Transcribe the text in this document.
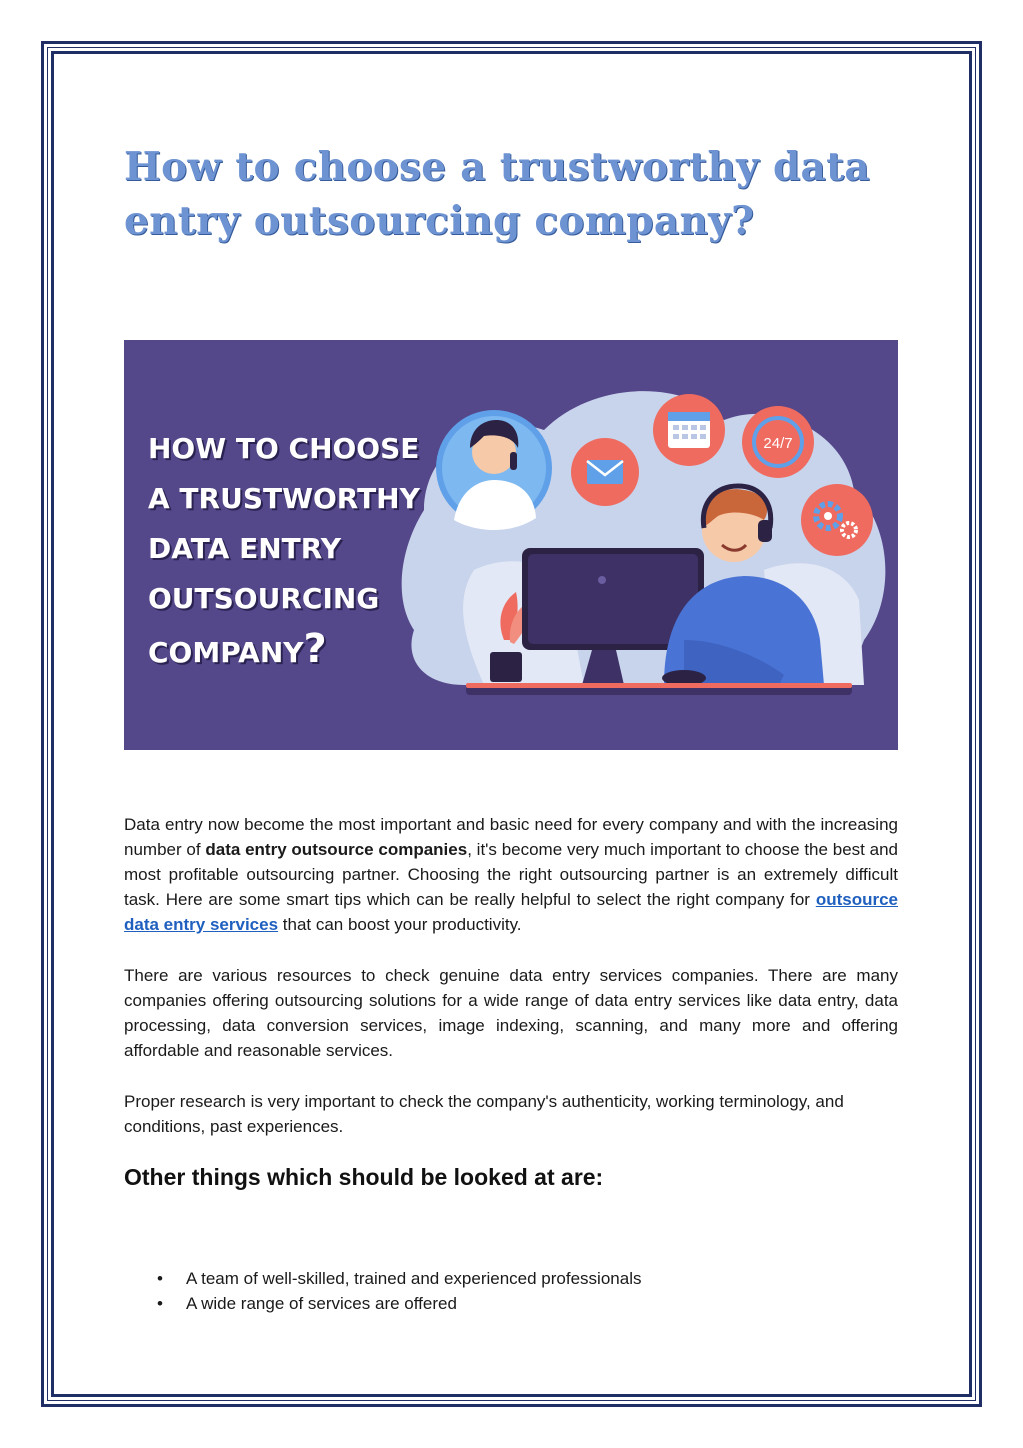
How to choose a trustworthy data entry outsourcing company?
24/7
HOW TO CHOOSE
A TRUSTWORTHY
DATA ENTRY
OUTSOURCING
COMPANY?

Data entry now become the most important and basic need for every company and with the increasing number of data entry outsource companies, it's become very much important to choose the best and most profitable outsourcing partner. Choosing the right outsourcing partner is an extremely difficult task. Here are some smart tips which can be really helpful to select the right company for outsource data entry services that can boost your productivity.

There are various resources to check genuine data entry services companies. There are many companies offering outsourcing solutions for a wide range of data entry services like data entry, data processing, data conversion services, image indexing, scanning, and many more and offering affordable and reasonable services.

Proper research is very important to check the company's authenticity, working terminology, and conditions, past experiences.

Other things which should be looked at are:
• A team of well-skilled, trained and experienced professionals
• A wide range of services are offered
